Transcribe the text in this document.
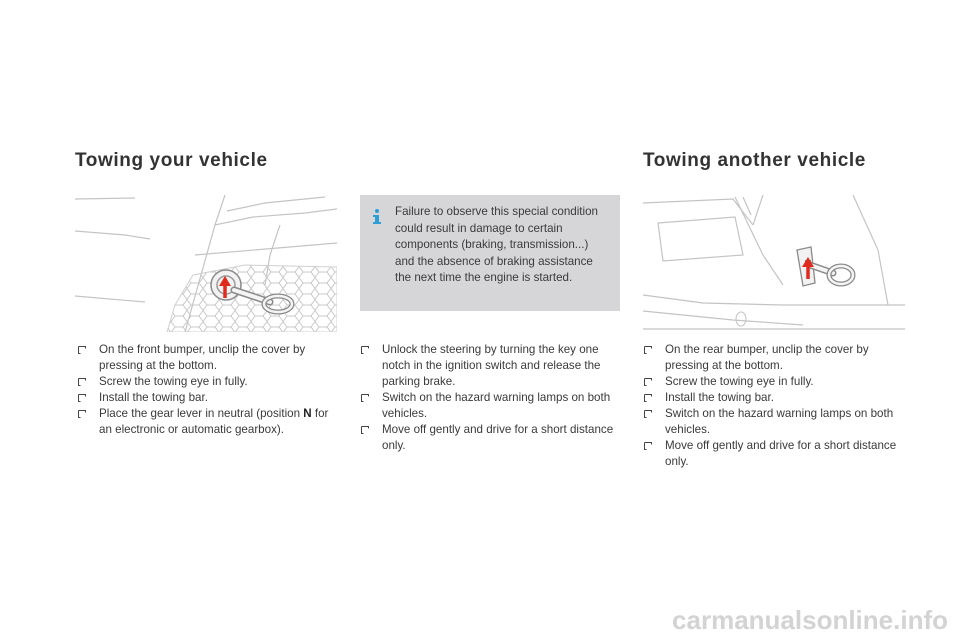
Towing your vehicle	Towing another vehicle

Failure to observe this special condition could result in damage to certain components (braking, transmission...) and the absence of braking assistance the next time the engine is started.

On the front bumper, unclip the cover by pressing at the bottom.
Screw the towing eye in fully.
Install the towing bar.
Place the gear lever in neutral (position N for an electronic or automatic gearbox).
Unlock the steering by turning the key one notch in the ignition switch and release the parking brake.
Switch on the hazard warning lamps on both vehicles.
Move off gently and drive for a short distance only.
On the rear bumper, unclip the cover by pressing at the bottom.
Screw the towing eye in fully.
Install the towing bar.
Switch on the hazard warning lamps on both vehicles.
Move off gently and drive for a short distance only.
carmanualsonline.info
